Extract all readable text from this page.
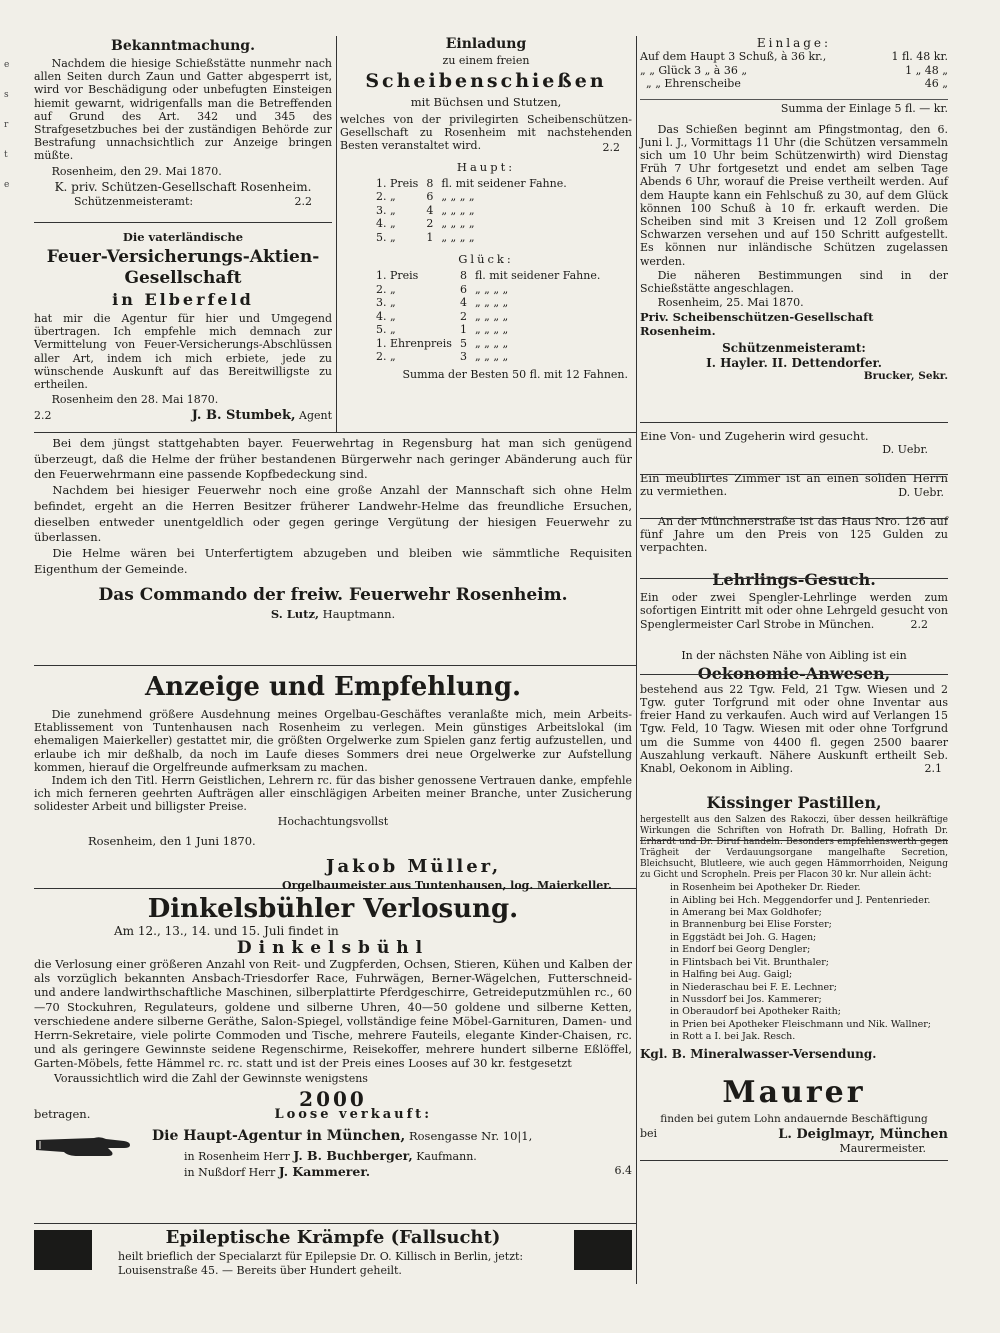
e
s
r
t
e

Bekanntmachung.

Nachdem die hiesige Schießstätte nunmehr nach allen Seiten durch Zaun und Gatter abgesperrt ist, wird vor Beschädigung oder unbefugten Einsteigen hiemit gewarnt, widrigenfalls man die Betreffenden auf Grund des Art. 342 und 345 des Strafgesetzbuches bei der zuständigen Behörde zur Bestrafung unnachsichtlich zur Anzeige bringen müßte.

Rosenheim, den 29. Mai 1870.

K. priv. Schützen-Gesellschaft Rosenheim.

Schützenmeisteramt:	2.2

Die vaterländische

Feuer-Versicherungs-Aktien-

Gesellschaft

in Elberfeld

hat mir die Agentur für hier und Umgegend übertragen. Ich empfehle mich demnach zur Vermittelung von Feuer-Versicherungs-Abschlüssen aller Art, indem ich mich erbiete, jede zu wünschende Auskunft auf das Bereitwilligste zu ertheilen.

Rosenheim den 28. Mai 1870.

2.2	J. B. Stumbek, Agent

Einladung

zu einem freien

Scheibenschießen

mit Büchsen und Stutzen,

welches von der privilegirten Scheibenschützen-Gesellschaft zu Rosenheim mit nachstehenden Besten veranstaltet wird.	2.2

Haupt:

1. Preis	8	fl. mit seidener Fahne.
2. „	6	„ „ „ „
3. „	4	„ „ „ „
4. „	2	„ „ „ „
5. „	1	„ „ „ „

Glück:

1. Preis	8	fl. mit seidener Fahne.
2. „	6	„ „ „ „
3. „	4	„ „ „ „
4. „	2	„ „ „ „
5. „	1	„ „ „ „
1. Ehrenpreis	5	„ „ „ „
2. „	3	„ „ „ „

Summa der Besten 50 fl. mit 12 Fahnen.

Einlage:

Auf dem Haupt 3 Schuß, à 36 kr.,	1 fl. 48 kr.
„ „ Glück 3 „ à 36 „	1 „ 48 „
„ „ Ehrenscheibe	46 „

Summa der Einlage 5 fl. — kr.

Das Schießen beginnt am Pfingstmontag, den 6. Juni l. J., Vormittags 11 Uhr (die Schützen versammeln sich um 10 Uhr beim Schützenwirth) wird Dienstag Früh 7 Uhr fortgesetzt und endet am selben Tage Abends 6 Uhr, worauf die Preise vertheilt werden. Auf dem Haupte kann ein Fehlschuß zu 30, auf dem Glück können 100 Schuß à 10 fr. erkauft werden. Die Scheiben sind mit 3 Kreisen und 12 Zoll großem Schwarzen versehen und auf 150 Schritt aufgestellt. Es können nur inländische Schützen zugelassen werden.

Die näheren Bestimmungen sind in der Schießstätte angeschlagen.

Rosenheim, 25. Mai 1870.

Priv. Scheibenschützen-Gesellschaft Rosenheim.

Schützenmeisteramt:

I. Hayler. II. Dettendorfer.

Brucker, Sekr.

Bei dem jüngst stattgehabten bayer. Feuerwehrtag in Regensburg hat man sich genügend überzeugt, daß die Helme der früher bestandenen Bürgerwehr nach geringer Abänderung auch für den Feuerwehrmann eine passende Kopfbedeckung sind.

Nachdem bei hiesiger Feuerwehr noch eine große Anzahl der Mannschaft sich ohne Helm befindet, ergeht an die Herren Besitzer früherer Landwehr-Helme das freundliche Ersuchen, dieselben entweder unentgeldlich oder gegen geringe Vergütung der hiesigen Feuerwehr zu überlassen.

Die Helme wären bei Unterfertigtem abzugeben und bleiben wie sämmtliche Requisiten Eigenthum der Gemeinde.

Das Commando der freiw. Feuerwehr Rosenheim.

S. Lutz, Hauptmann.

Anzeige und Empfehlung.

Die zunehmend größere Ausdehnung meines Orgelbau-Geschäftes veranlaßte mich, mein Arbeits-Etablissement von Tuntenhausen nach Rosenheim zu verlegen. Mein günstiges Arbeitslokal (im ehemaligen Maierkeller) gestattet mir, die größten Orgelwerke zum Spielen ganz fertig aufzustellen, und erlaube ich mir deßhalb, da noch im Laufe dieses Sommers drei neue Orgelwerke zur Aufstellung kommen, hierauf die Orgelfreunde aufmerksam zu machen.

Indem ich den Titl. Herrn Geistlichen, Lehrern rc. für das bisher genossene Vertrauen danke, empfehle ich mich ferneren geehrten Aufträgen aller einschlägigen Arbeiten meiner Branche, unter Zusicherung solidester Arbeit und billigster Preise.

Hochachtungsvollst

Rosenheim, den 1 Juni 1870.

Jakob Müller,

Orgelbaumeister aus Tuntenhausen, log. Maierkeller.

Dinkelsbühler Verlosung.

Am 12., 13., 14. und 15. Juli findet in

Dinkelsbühl

die Verlosung einer größeren Anzahl von Reit- und Zugpferden, Ochsen, Stieren, Kühen und Kalben der als vorzüglich bekannten Ansbach-Triesdorfer Race, Fuhrwägen, Berner-Wägelchen, Futterschneid- und andere landwirthschaftliche Maschinen, silberplattirte Pferdgeschirre, Getreideputzmühlen rc., 60—70 Stockuhren, Regulateurs, goldene und silberne Uhren, 40—50 goldene und silberne Ketten, verschiedene andere silberne Geräthe, Salon-Spiegel, vollständige feine Möbel-Garnituren, Damen- und Herrn-Sekretaire, viele polirte Commoden und Tische, mehrere Fauteils, elegante Kinder-Chaisen, rc. und als geringere Gewinnste seidene Regenschirme, Reisekoffer, mehrere hundert silberne Eßlöffel, Garten-Möbels, fette Hämmel rc. rc. statt und ist der Preis eines Looses auf 30 kr. festgesetzt

Voraussichtlich wird die Zahl der Gewinnste wenigstens

2000

betragen.	Loose verkauft:

Die Haupt-Agentur in München, Rosengasse Nr. 10|1,

in Rosenheim Herr J. B. Buchberger, Kaufmann.

in Nußdorf Herr J. Kammerer.	6.4

Epileptische Krämpfe (Fallsucht)

heilt brieflich der Specialarzt für Epilepsie Dr. O. Killisch in Berlin, jetzt: Louisenstraße 45. — Bereits über Hundert geheilt.

Eine Von- und Zugeherin wird gesucht.

D. Uebr.

Ein meublirtes Zimmer ist an einen soliden Herrn zu vermiethen.	D. Uebr.

An der Münchnerstraße ist das Haus Nro. 126 auf fünf Jahre um den Preis von 125 Gulden zu verpachten.

Lehrlings-Gesuch.

Ein oder zwei Spengler-Lehrlinge werden zum sofortigen Eintritt mit oder ohne Lehrgeld gesucht von Spenglermeister Carl Strobe in München.	2.2

In der nächsten Nähe von Aibling ist ein

Oekonomie-Anwesen,

bestehend aus 22 Tgw. Feld, 21 Tgw. Wiesen und 2 Tgw. guter Torfgrund mit oder ohne Inventar aus freier Hand zu verkaufen. Auch wird auf Verlangen 15 Tgw. Feld, 10 Tagw. Wiesen mit oder ohne Torfgrund um die Summe von 4400 fl. gegen 2500 baarer Auszahlung verkauft. Nähere Auskunft ertheilt Seb. Knabl, Oekonom in Aibling.	2.1

Kissinger Pastillen,

hergestellt aus den Salzen des Rakoczi, über dessen heilkräftige Wirkungen die Schriften von Hofrath Dr. Balling, Hofrath Dr. Erhardt und Dr. Diruf handeln. Besonders empfehlenswerth gegen Trägheit der Verdauungsorgane mangelhafte Secretion, Bleichsucht, Blutleere, wie auch gegen Hämmorrhoiden, Neigung zu Gicht und Scropheln. Preis per Flacon 30 kr. Nur allein ächt:

in Rosenheim bei Apotheker Dr. Rieder.
in Aibling bei Hch. Meggendorfer und J. Pentenrieder.
in Amerang bei Max Goldhofer;
in Brannenburg bei Elise Forster;
in Eggstädt bei Joh. G. Hagen;
in Endorf bei Georg Dengler;
in Flintsbach bei Vit. Brunthaler;
in Halfing bei Aug. Gaigl;
in Niederaschau bei F. E. Lechner;
in Nussdorf bei Jos. Kammerer;
in Oberaudorf bei Apotheker Raith;
in Prien bei Apotheker Fleischmann und Nik. Wallner;
in Rott a I. bei Jak. Resch.

Kgl. B. Mineralwasser-Versendung.

Maurer

finden bei gutem Lohn andauernde Beschäftigung

bei	L. Deiglmayr, München

Maurermeister.
